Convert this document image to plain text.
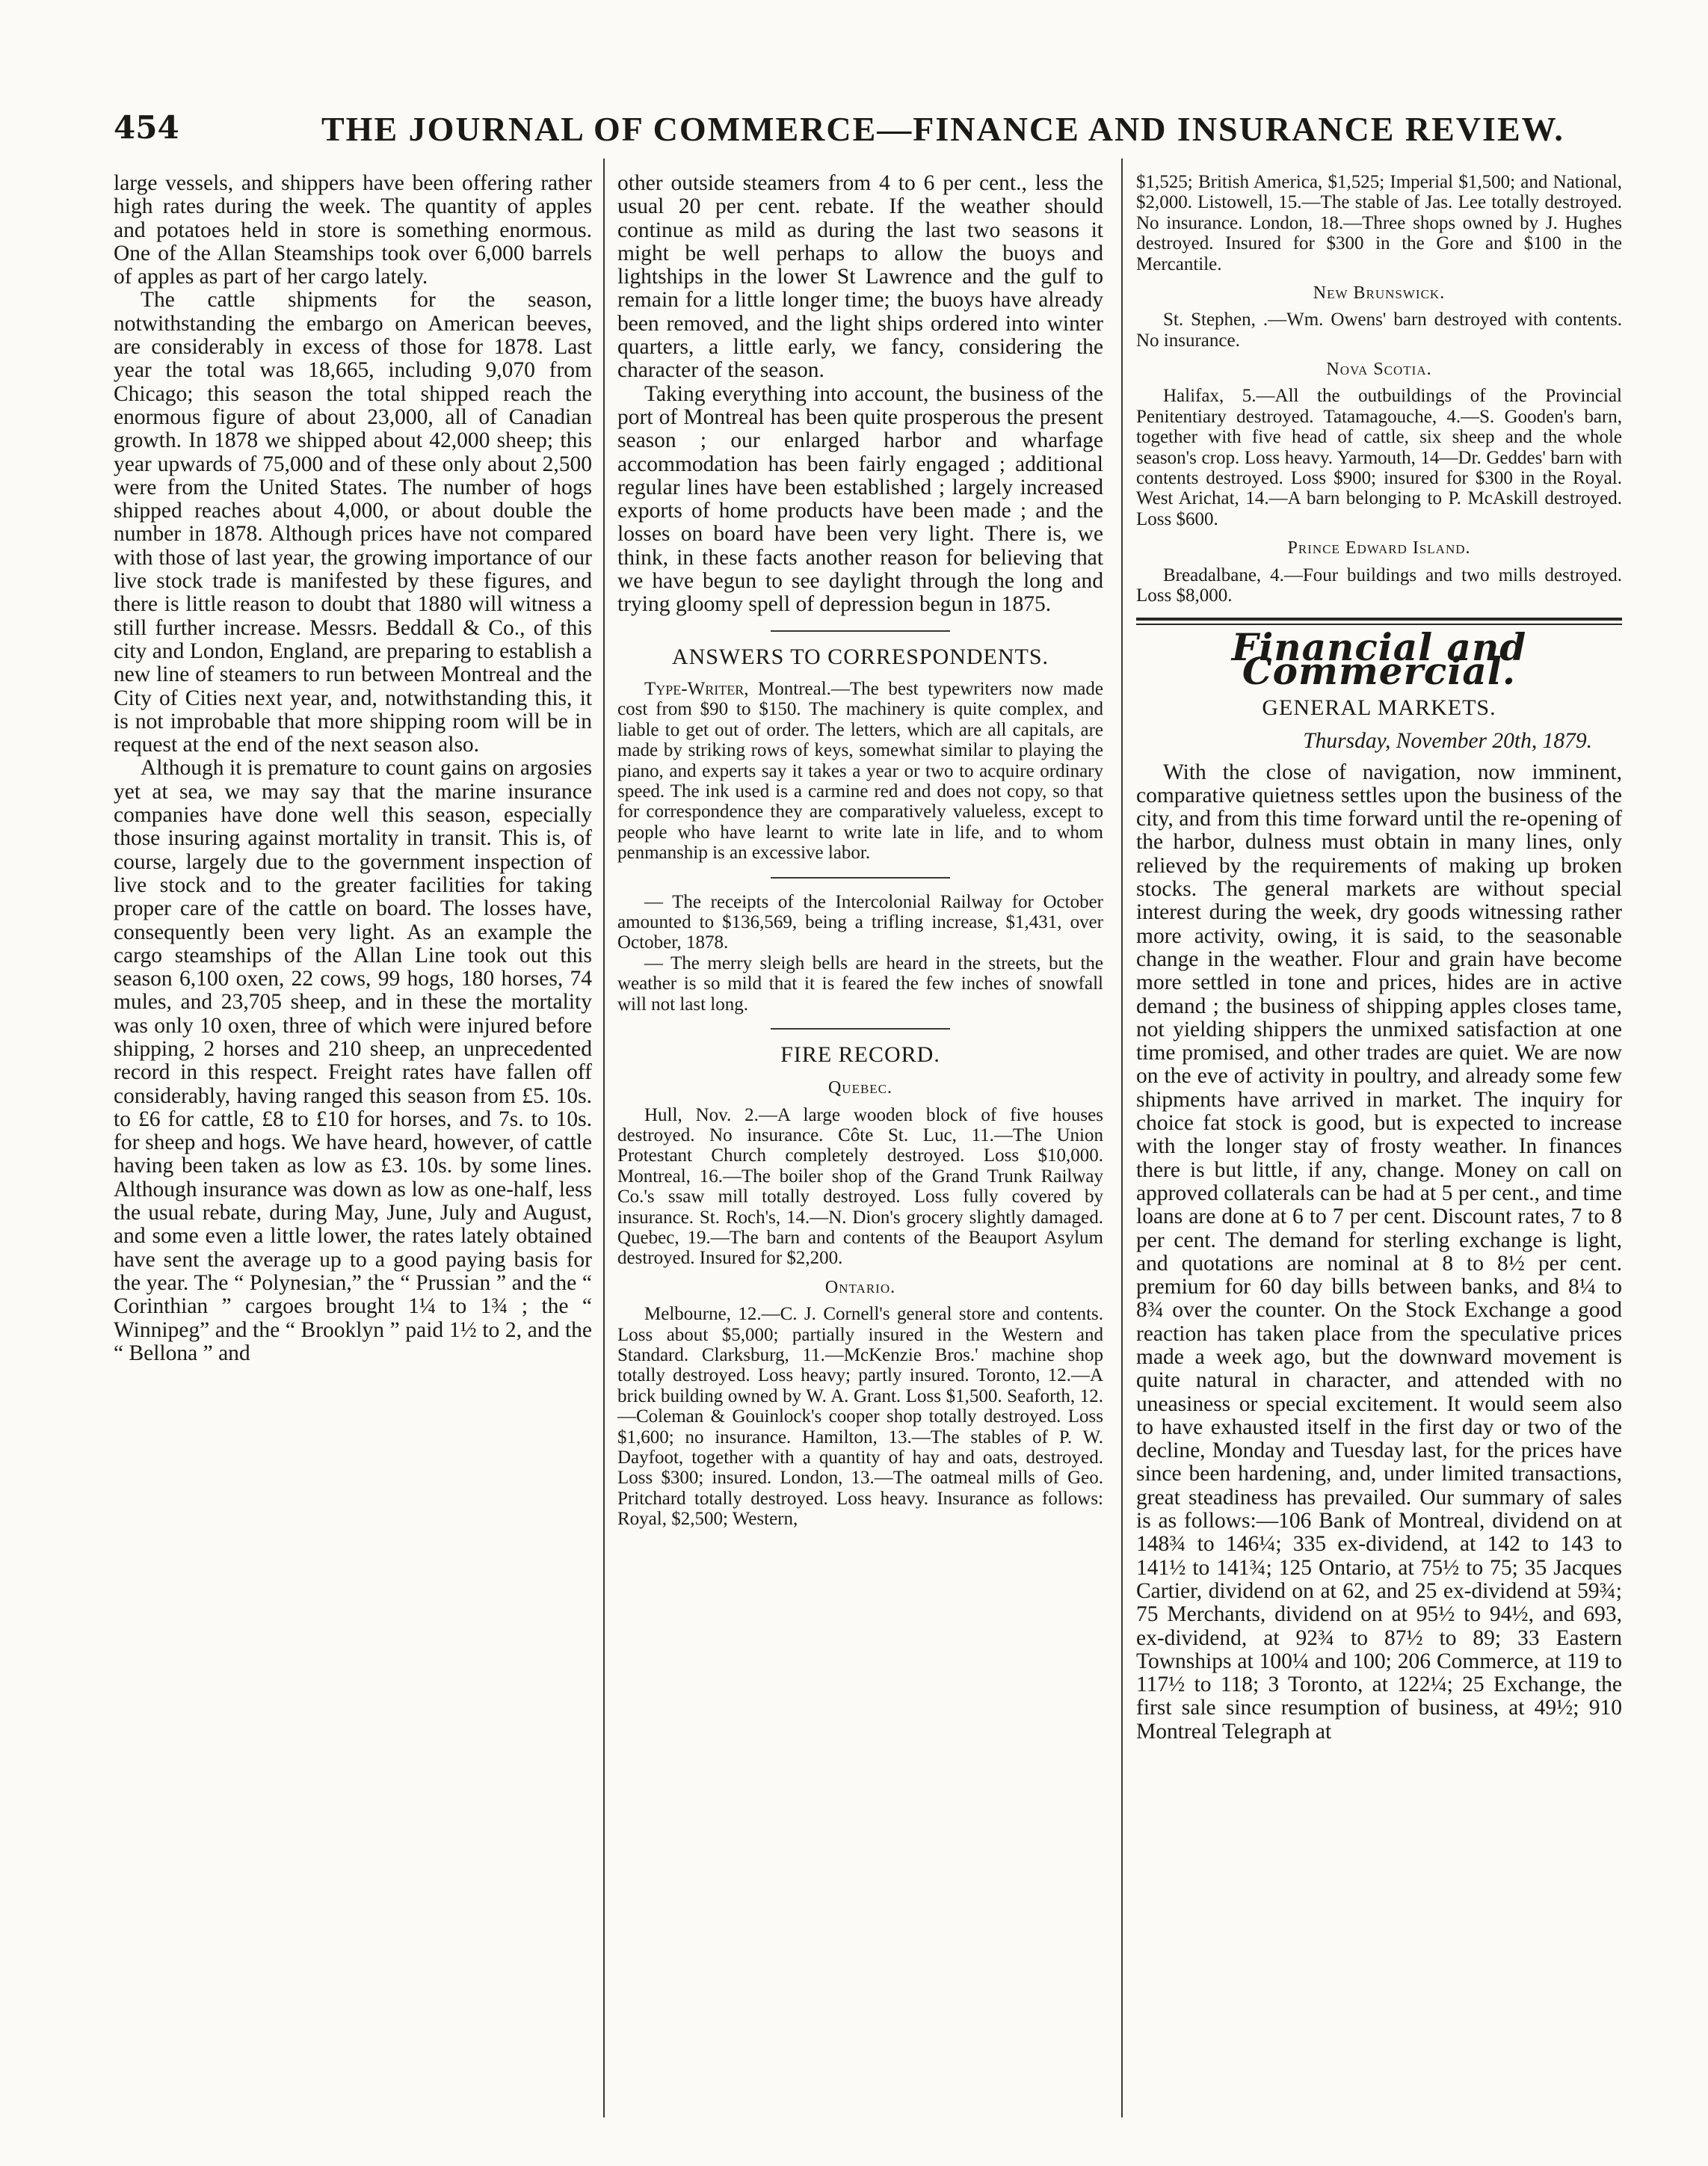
454	THE JOURNAL OF COMMERCE—FINANCE AND INSURANCE REVIEW.

large vessels, and shippers have been offering rather high rates during the week. The quantity of apples and potatoes held in store is something enormous. One of the Allan Steamships took over 6,000 barrels of apples as part of her cargo lately.

The cattle shipments for the season, notwithstanding the embargo on American beeves, are considerably in excess of those for 1878. Last year the total was 18,665, including 9,070 from Chicago; this season the total shipped reach the enormous figure of about 23,000, all of Canadian growth. In 1878 we shipped about 42,000 sheep; this year upwards of 75,000 and of these only about 2,500 were from the United States. The number of hogs shipped reaches about 4,000, or about double the number in 1878. Although prices have not compared with those of last year, the growing importance of our live stock trade is manifested by these figures, and there is little reason to doubt that 1880 will witness a still further increase. Messrs. Beddall & Co., of this city and London, England, are preparing to establish a new line of steamers to run between Montreal and the City of Cities next year, and, notwithstanding this, it is not improbable that more shipping room will be in request at the end of the next season also.

Although it is premature to count gains on argosies yet at sea, we may say that the marine insurance companies have done well this season, especially those insuring against mortality in transit. This is, of course, largely due to the government inspection of live stock and to the greater facilities for taking proper care of the cattle on board. The losses have, consequently been very light. As an example the cargo steamships of the Allan Line took out this season 6,100 oxen, 22 cows, 99 hogs, 180 horses, 74 mules, and 23,705 sheep, and in these the mortality was only 10 oxen, three of which were injured before shipping, 2 horses and 210 sheep, an unprecedented record in this respect. Freight rates have fallen off considerably, having ranged this season from £5. 10s. to £6 for cattle, £8 to £10 for horses, and 7s. to 10s. for sheep and hogs. We have heard, however, of cattle having been taken as low as £3. 10s. by some lines. Although insurance was down as low as one-half, less the usual rebate, during May, June, July and August, and some even a little lower, the rates lately obtained have sent the average up to a good paying basis for the year. The “ Polynesian,” the “ Prussian ” and the “ Corinthian ” cargoes brought 1¼ to 1¾ ; the “ Winnipeg” and the “ Brooklyn ” paid 1½ to 2, and the “ Bellona ” and

other outside steamers from 4 to 6 per cent., less the usual 20 per cent. rebate. If the weather should continue as mild as during the last two seasons it might be well perhaps to allow the buoys and lightships in the lower St Lawrence and the gulf to remain for a little longer time; the buoys have already been removed, and the light ships ordered into winter quarters, a little early, we fancy, considering the character of the season.

Taking everything into account, the business of the port of Montreal has been quite prosperous the present season ; our enlarged harbor and wharfage accommodation has been fairly engaged ; additional regular lines have been established ; largely increased exports of home products have been made ; and the losses on board have been very light. There is, we think, in these facts another reason for believing that we have begun to see daylight through the long and trying gloomy spell of depression begun in 1875.

ANSWERS TO CORRESPONDENTS.

Type-Writer, Montreal.—The best typewriters now made cost from $90 to $150. The machinery is quite complex, and liable to get out of order. The letters, which are all capitals, are made by striking rows of keys, somewhat similar to playing the piano, and experts say it takes a year or two to acquire ordinary speed. The ink used is a carmine red and does not copy, so that for correspondence they are comparatively valueless, except to people who have learnt to write late in life, and to whom penmanship is an excessive labor.

— The receipts of the Intercolonial Railway for October amounted to $136,569, being a trifling increase, $1,431, over October, 1878.

— The merry sleigh bells are heard in the streets, but the weather is so mild that it is feared the few inches of snowfall will not last long.

FIRE RECORD.
Quebec.

Hull, Nov. 2.—A large wooden block of five houses destroyed. No insurance. Côte St. Luc, 11.—The Union Protestant Church completely destroyed. Loss $10,000. Montreal, 16.—The boiler shop of the Grand Trunk Railway Co.'s ssaw mill totally destroyed. Loss fully covered by insurance. St. Roch's, 14.—N. Dion's grocery slightly damaged. Quebec, 19.—The barn and contents of the Beauport Asylum destroyed. Insured for $2,200.

Ontario.

Melbourne, 12.—C. J. Cornell's general store and contents. Loss about $5,000; partially insured in the Western and Standard. Clarksburg, 11.—McKenzie Bros.' machine shop totally destroyed. Loss heavy; partly insured. Toronto, 12.—A brick building owned by W. A. Grant. Loss $1,500. Seaforth, 12.—Coleman & Gouinlock's cooper shop totally destroyed. Loss $1,600; no insurance. Hamilton, 13.—The stables of P. W. Dayfoot, together with a quantity of hay and oats, destroyed. Loss $300; insured. London, 13.—The oatmeal mills of Geo. Pritchard totally destroyed. Loss heavy. Insurance as follows: Royal, $2,500; Western,

$1,525; British America, $1,525; Imperial $1,500; and National, $2,000. Listowell, 15.—The stable of Jas. Lee totally destroyed. No insurance. London, 18.—Three shops owned by J. Hughes destroyed. Insured for $300 in the Gore and $100 in the Mercantile.

New Brunswick.

St. Stephen, .—Wm. Owens' barn destroyed with contents. No insurance.

Nova Scotia.

Halifax, 5.—All the outbuildings of the Provincial Penitentiary destroyed. Tatamagouche, 4.—S. Gooden's barn, together with five head of cattle, six sheep and the whole season's crop. Loss heavy. Yarmouth, 14—Dr. Geddes' barn with contents destroyed. Loss $900; insured for $300 in the Royal. West Arichat, 14.—A barn belonging to P. McAskill destroyed. Loss $600.

Prince Edward Island.

Breadalbane, 4.—Four buildings and two mills destroyed. Loss $8,000.

Financial and Commercial.
GENERAL MARKETS.
Thursday, November 20th, 1879.

With the close of navigation, now imminent, comparative quietness settles upon the business of the city, and from this time forward until the re-opening of the harbor, dulness must obtain in many lines, only relieved by the requirements of making up broken stocks. The general markets are without special interest during the week, dry goods witnessing rather more activity, owing, it is said, to the seasonable change in the weather. Flour and grain have become more settled in tone and prices, hides are in active demand ; the business of shipping apples closes tame, not yielding shippers the unmixed satisfaction at one time promised, and other trades are quiet. We are now on the eve of activity in poultry, and already some few shipments have arrived in market. The inquiry for choice fat stock is good, but is expected to increase with the longer stay of frosty weather. In finances there is but little, if any, change. Money on call on approved collaterals can be had at 5 per cent., and time loans are done at 6 to 7 per cent. Discount rates, 7 to 8 per cent. The demand for sterling exchange is light, and quotations are nominal at 8 to 8½ per cent. premium for 60 day bills between banks, and 8¼ to 8¾ over the counter. On the Stock Exchange a good reaction has taken place from the speculative prices made a week ago, but the downward movement is quite natural in character, and attended with no uneasiness or special excitement. It would seem also to have exhausted itself in the first day or two of the decline, Monday and Tuesday last, for the prices have since been hardening, and, under limited transactions, great steadiness has prevailed. Our summary of sales is as follows:—106 Bank of Montreal, dividend on at 148¾ to 146¼; 335 ex-dividend, at 142 to 143 to 141½ to 141¾; 125 Ontario, at 75½ to 75; 35 Jacques Cartier, dividend on at 62, and 25 ex-dividend at 59¾; 75 Merchants, dividend on at 95½ to 94½, and 693, ex-dividend, at 92¾ to 87½ to 89; 33 Eastern Townships at 100¼ and 100; 206 Commerce, at 119 to 117½ to 118; 3 Toronto, at 122¼; 25 Exchange, the first sale since resumption of business, at 49½; 910 Montreal Telegraph at
